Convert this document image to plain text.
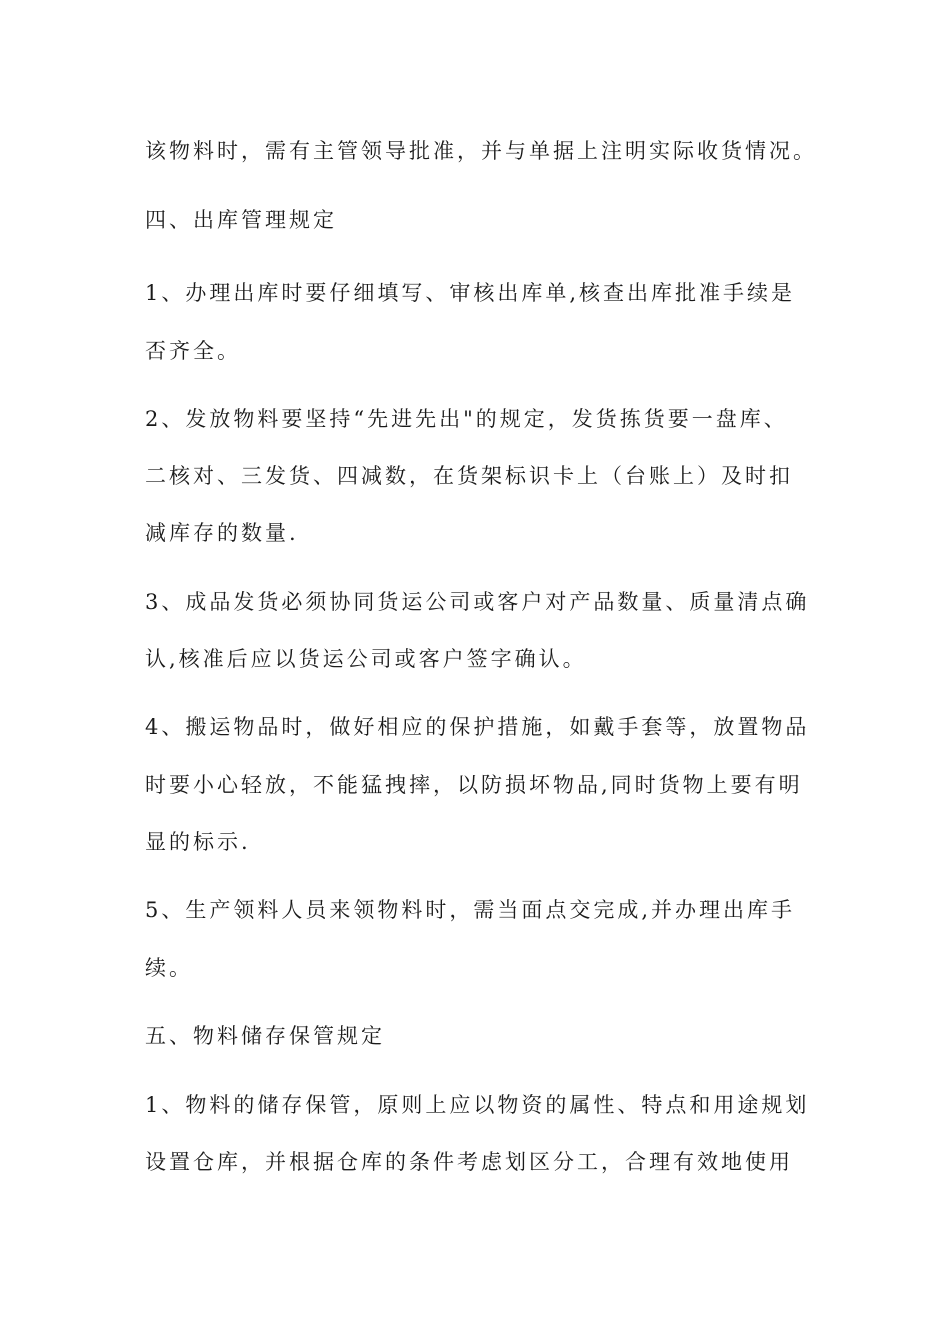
该物料时，需有主管领导批准，并与单据上注明实际收货情况。
四、出库管理规定
1、办理出库时要仔细填写、审核出库单,核查出库批准手续是
否齐全。
2、发放物料要坚持“先进先出"的规定，发货拣货要一盘库、
二核对、三发货、四减数，在货架标识卡上（台账上）及时扣
减库存的数量.
3、成品发货必须协同货运公司或客户对产品数量、质量清点确
认,核准后应以货运公司或客户签字确认。
4、搬运物品时，做好相应的保护措施，如戴手套等，放置物品
时要小心轻放，不能猛拽摔，以防损坏物品,同时货物上要有明
显的标示.
5、生产领料人员来领物料时，需当面点交完成,并办理出库手
续。
五、物料储存保管规定
1、物料的储存保管，原则上应以物资的属性、特点和用途规划
设置仓库，并根据仓库的条件考虑划区分工，合理有效地使用
